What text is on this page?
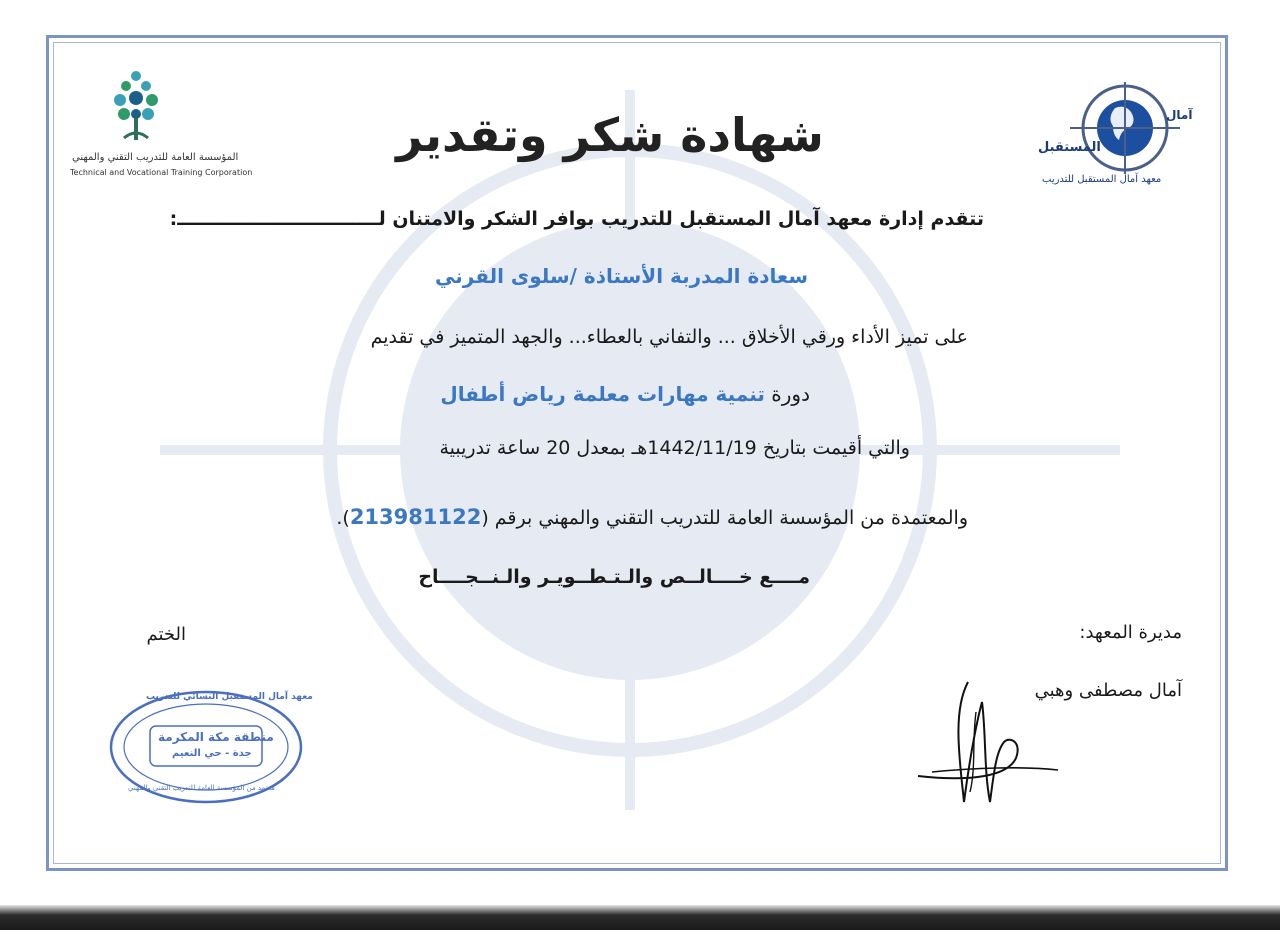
المؤسسة العامة للتدريب التقني والمهني
Technical and Vocational Training Corporation
آمال
المستقبل
معهد آمال المستقبل للتدريب
شهادة شكر وتقدير
تتقدم إدارة معهد آمال المستقبل للتدريب بوافر الشكر والامتنان لـــــــــــــــــــــــــــــــ:
سعادة المدربة الأستاذة /سلوى القرني
على تميز الأداء ورقي الأخلاق ... والتفاني بالعطاء... والجهد المتميز في تقديم
دورة تنمية مهارات معلمة رياض أطفال
والتي أقيمت بتاريخ 1442/11/19هـ بمعدل 20 ساعة تدريبية
والمعتمدة من المؤسسة العامة للتدريب التقني والمهني برقم (213981122).
مــــع خــــالــص والـتـطــويـر والـنــجــــاح
مديرة المعهد:
آمال مصطفى وهبي
الختم
معهد آمال المستقبل النسائي للتدريب
منطقة مكة المكرمة
جدة - حي النعيم
معتمد من المؤسسة العامة للتدريب التقني والمهني
